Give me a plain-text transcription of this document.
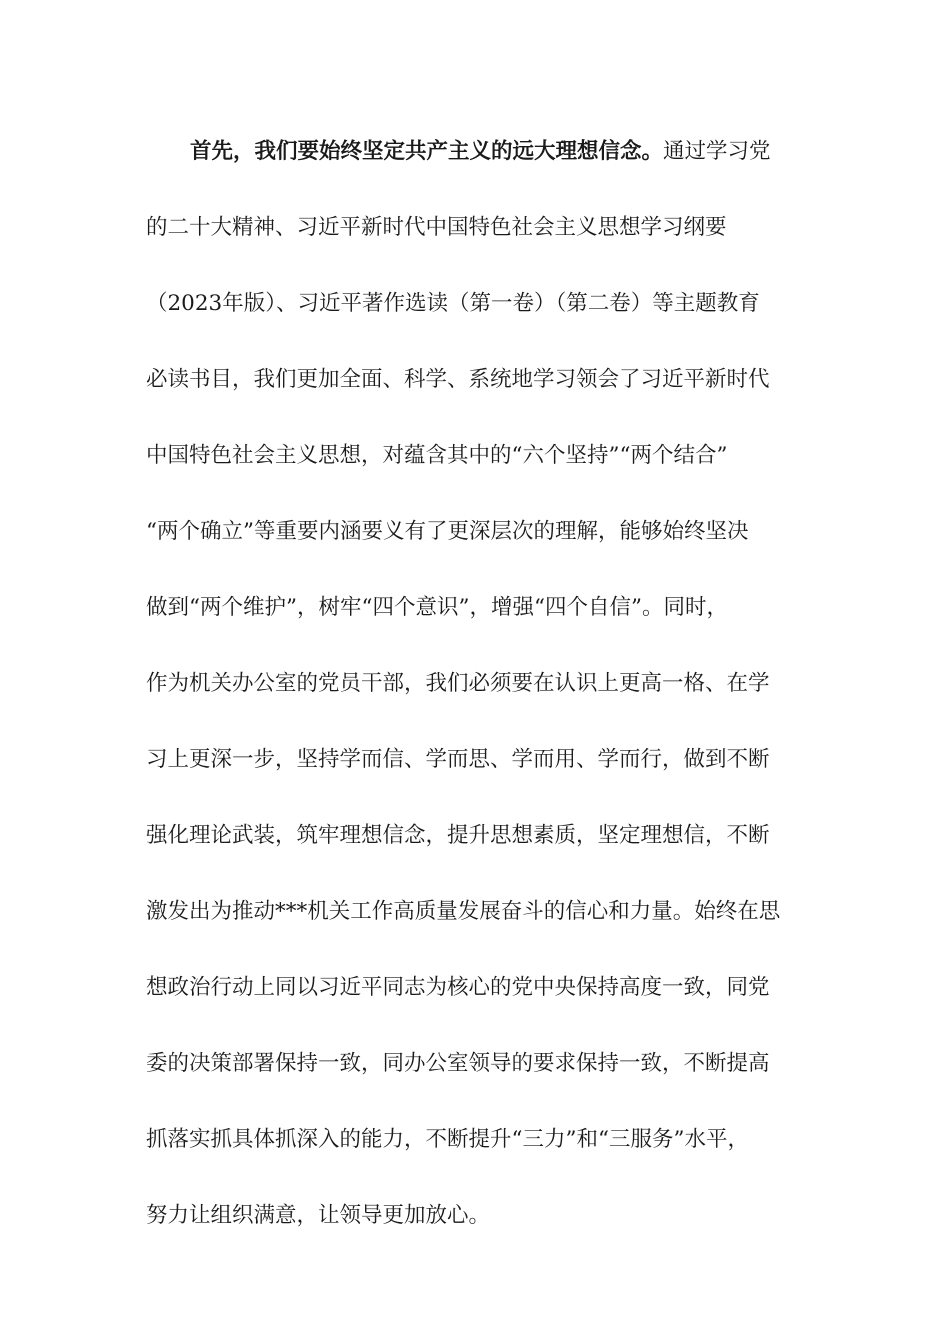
首先，我们要始终坚定共产主义的远大理想信念。通过学习党
的二十大精神、习近平新时代中国特色社会主义思想学习纲要
（2023年版）、习近平著作选读（第一卷）（第二卷）等主题教育
必读书目，我们更加全面、科学、系统地学习领会了习近平新时代
中国特色社会主义思想，对蕴含其中的“六个坚持”“两个结合”
“两个确立”等重要内涵要义有了更深层次的理解，能够始终坚决
做到“两个维护”，树牢“四个意识”，增强“四个自信”。同时，
作为机关办公室的党员干部，我们必须要在认识上更高一格、在学
习上更深一步，坚持学而信、学而思、学而用、学而行，做到不断
强化理论武装，筑牢理想信念，提升思想素质，坚定理想信，不断
激发出为推动***机关工作高质量发展奋斗的信心和力量。始终在思
想政治行动上同以习近平同志为核心的党中央保持高度一致，同党
委的决策部署保持一致，同办公室领导的要求保持一致，不断提高
抓落实抓具体抓深入的能力，不断提升“三力”和“三服务”水平，
努力让组织满意，让领导更加放心。
